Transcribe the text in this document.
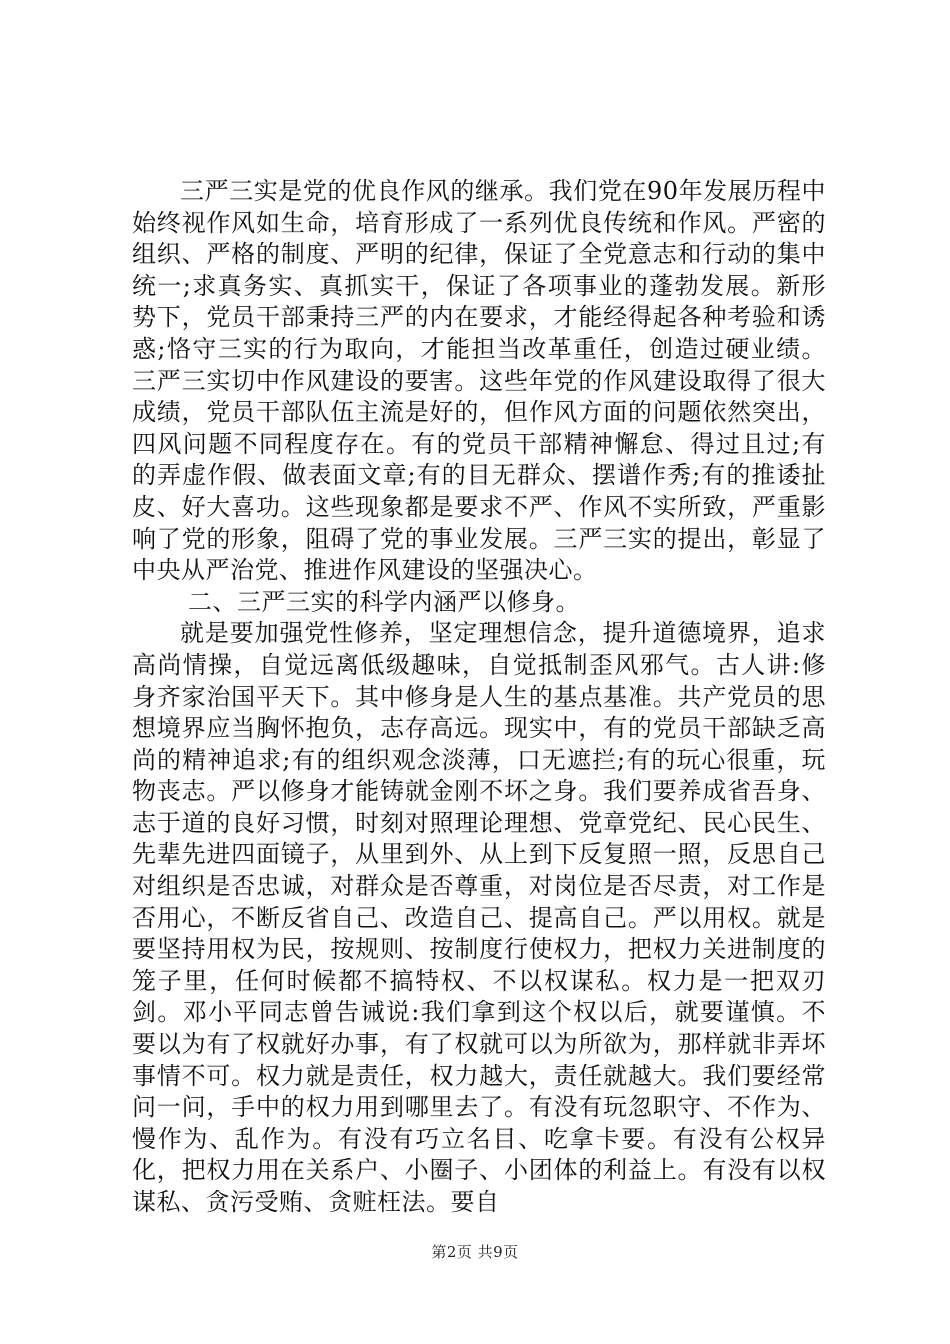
三严三实是党的优良作风的继承。我们党在90年发展历程中始终视作风如生命，培育形成了一系列优良传统和作风。严密的组织、严格的制度、严明的纪律，保证了全党意志和行动的集中统一;求真务实、真抓实干，保证了各项事业的蓬勃发展。新形势下，党员干部秉持三严的内在要求，才能经得起各种考验和诱惑;恪守三实的行为取向，才能担当改革重任，创造过硬业绩。三严三实切中作风建设的要害。这些年党的作风建设取得了很大成绩，党员干部队伍主流是好的，但作风方面的问题依然突出，四风问题不同程度存在。有的党员干部精神懈怠、得过且过;有的弄虚作假、做表面文章;有的目无群众、摆谱作秀;有的推诿扯皮、好大喜功。这些现象都是要求不严、作风不实所致，严重影响了党的形象，阻碍了党的事业发展。三严三实的提出，彰显了中央从严治党、推进作风建设的坚强决心。

二、三严三实的科学内涵严以修身。

就是要加强党性修养，坚定理想信念，提升道德境界，追求高尚情操，自觉远离低级趣味，自觉抵制歪风邪气。古人讲:修身齐家治国平天下。其中修身是人生的基点基准。共产党员的思想境界应当胸怀抱负，志存高远。现实中，有的党员干部缺乏高尚的精神追求;有的组织观念淡薄，口无遮拦;有的玩心很重，玩物丧志。严以修身才能铸就金刚不坏之身。我们要养成省吾身、志于道的良好习惯，时刻对照理论理想、党章党纪、民心民生、先辈先进四面镜子，从里到外、从上到下反复照一照，反思自己对组织是否忠诚，对群众是否尊重，对岗位是否尽责，对工作是否用心，不断反省自己、改造自己、提高自己。严以用权。就是要坚持用权为民，按规则、按制度行使权力，把权力关进制度的笼子里，任何时候都不搞特权、不以权谋私。权力是一把双刃剑。邓小平同志曾告诫说:我们拿到这个权以后，就要谨慎。不要以为有了权就好办事，有了权就可以为所欲为，那样就非弄坏事情不可。权力就是责任，权力越大，责任就越大。我们要经常问一问，手中的权力用到哪里去了。有没有玩忽职守、不作为、慢作为、乱作为。有没有巧立名目、吃拿卡要。有没有公权异化，把权力用在关系户、小圈子、小团体的利益上。有没有以权谋私、贪污受贿、贪赃枉法。要自

第2页 共9页
